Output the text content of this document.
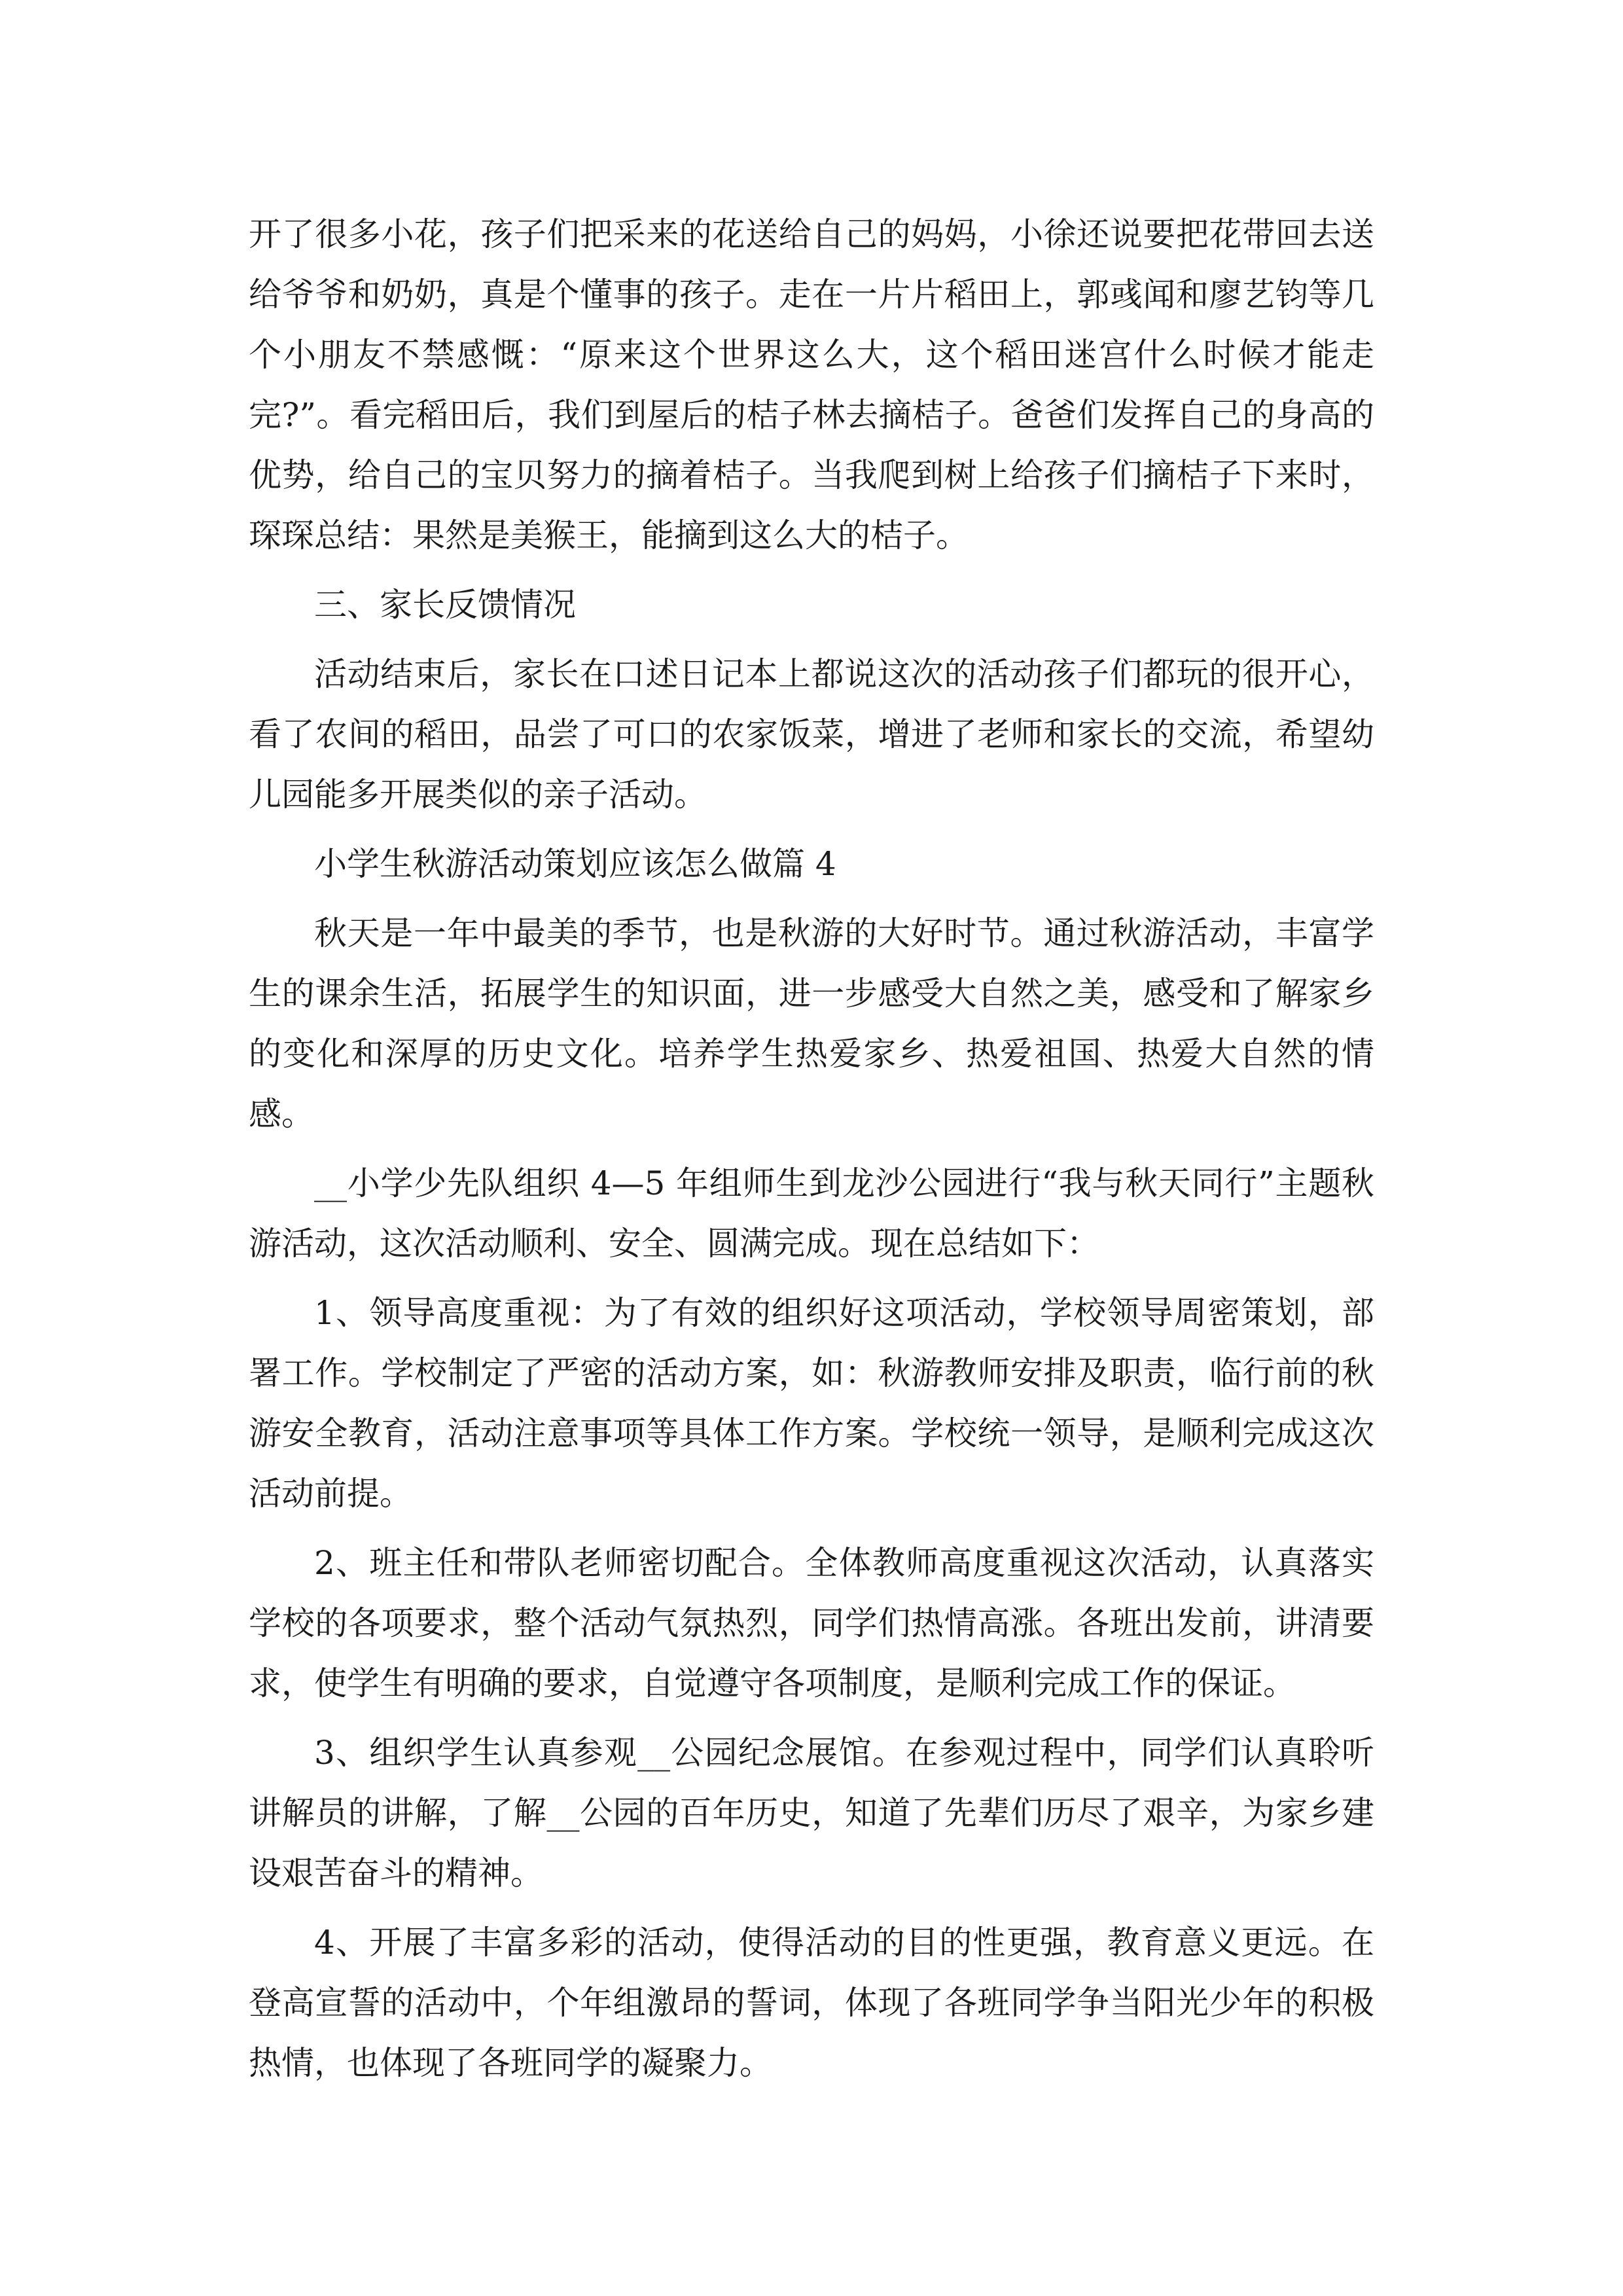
开了很多小花，孩子们把采来的花送给自己的妈妈，小徐还说要把花带回去送给爷爷和奶奶，真是个懂事的孩子。走在一片片稻田上，郭彧闻和廖艺钧等几个小朋友不禁感慨：“原来这个世界这么大，这个稻田迷宫什么时候才能走完?”。看完稻田后，我们到屋后的桔子林去摘桔子。爸爸们发挥自己的身高的优势，给自己的宝贝努力的摘着桔子。当我爬到树上给孩子们摘桔子下来时，琛琛总结：果然是美猴王，能摘到这么大的桔子。

三、家长反馈情况

活动结束后，家长在口述日记本上都说这次的活动孩子们都玩的很开心，看了农间的稻田，品尝了可口的农家饭菜，增进了老师和家长的交流，希望幼儿园能多开展类似的亲子活动。

小学生秋游活动策划应该怎么做篇 4

秋天是一年中最美的季节，也是秋游的大好时节。通过秋游活动，丰富学生的课余生活，拓展学生的知识面，进一步感受大自然之美，感受和了解家乡的变化和深厚的历史文化。培养学生热爱家乡、热爱祖国、热爱大自然的情感。

__小学少先队组织 4—5 年组师生到龙沙公园进行“我与秋天同行”主题秋游活动，这次活动顺利、安全、圆满完成。现在总结如下：

1、领导高度重视：为了有效的组织好这项活动，学校领导周密策划，部署工作。学校制定了严密的活动方案，如：秋游教师安排及职责，临行前的秋游安全教育，活动注意事项等具体工作方案。学校统一领导，是顺利完成这次活动前提。

2、班主任和带队老师密切配合。全体教师高度重视这次活动，认真落实学校的各项要求，整个活动气氛热烈，同学们热情高涨。各班出发前，讲清要求，使学生有明确的要求，自觉遵守各项制度，是顺利完成工作的保证。

3、组织学生认真参观__公园纪念展馆。在参观过程中，同学们认真聆听讲解员的讲解，了解__公园的百年历史，知道了先辈们历尽了艰辛，为家乡建设艰苦奋斗的精神。

4、开展了丰富多彩的活动，使得活动的目的性更强，教育意义更远。在登高宣誓的活动中，个年组激昂的誓词，体现了各班同学争当阳光少年的积极热情，也体现了各班同学的凝聚力。
